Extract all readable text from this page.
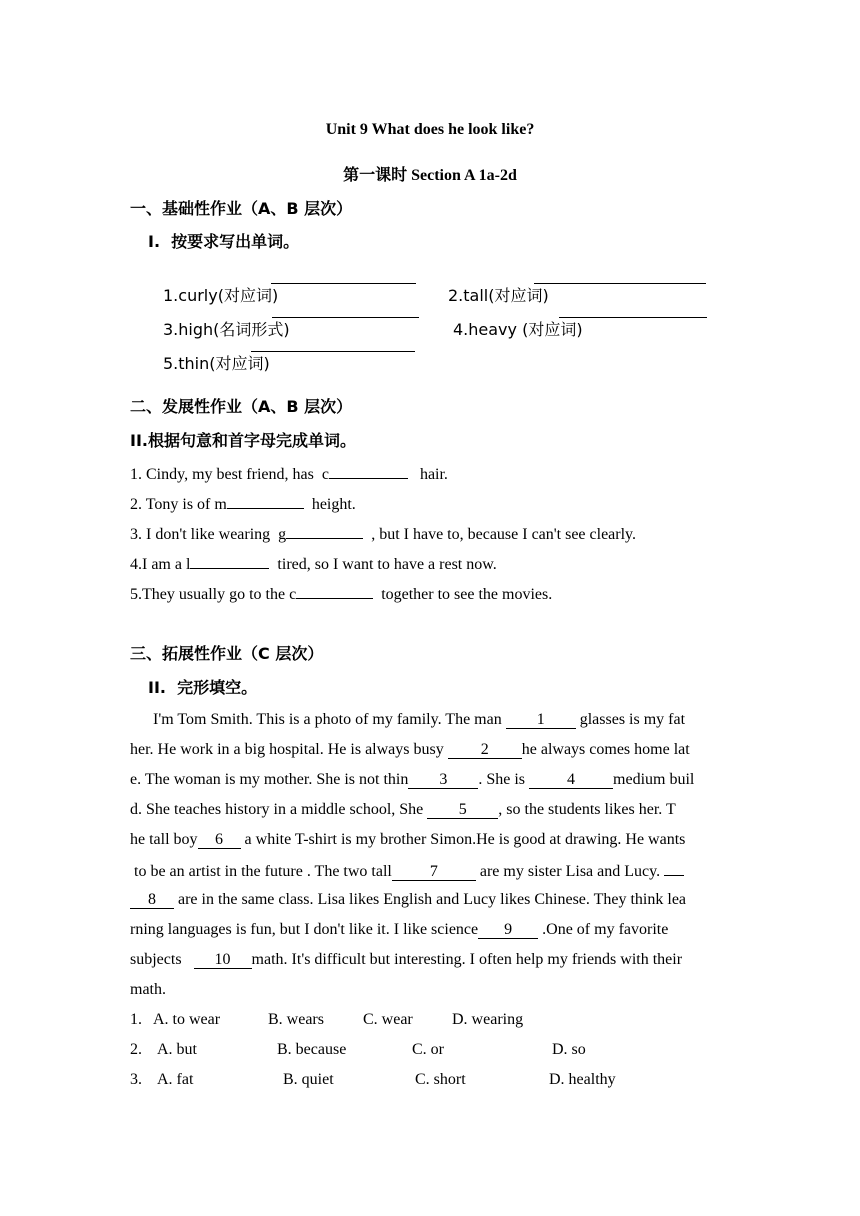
Unit 9 What does he look like?
第一课时 Section A 1a-2d
一、基础性作业（A、B 层次）
I.  按要求写出单词。

1.curly(对应词)
	2.tall(对应词)

3.high(名词形式)
	4.heavy (对应词)

5.thin(对应词)

二、发展性作业（A、B 层次）
II.根据句意和首字母完成单词。
1. Cindy, my best friend, has  c	hair.
2. Tony is of m	height.
3. I don't like wearing  g	, but I have to, because I can't see clearly.
4.I am a l	tired, so I want to have a rest now.
5.They usually go to the c	together to see the movies.
三、拓展性作业（C 层次）
II.  完形填空。
I'm Tom Smith. This is a photo of my family. The man 1 glasses is my fat
her. He work in a big hospital. He is always busy 2 he always comes home lat
e. The woman is my mother. She is not thin 3 . She is 4 medium buil
d. She teaches history in a middle school, She 5 , so the students likes her. T
he tall boy 6 a white T-shirt is my brother Simon.He is good at drawing. He wants
to be an artist in the future . The two tall 7 are my sister Lisa and Lucy.
8 are in the same class. Lisa likes English and Lucy likes Chinese. They think lea
rning languages is fun, but I don't like it. I like science 9 .One of my favorite
subjects   10 math. It's difficult but interesting. I often help my friends with their
math.
1. A. to wear	B. wears C. wear D. wearing
2. A. but	B. because	C. or	D. so
3. A. fat	B. quiet	C. short	D. healthy
